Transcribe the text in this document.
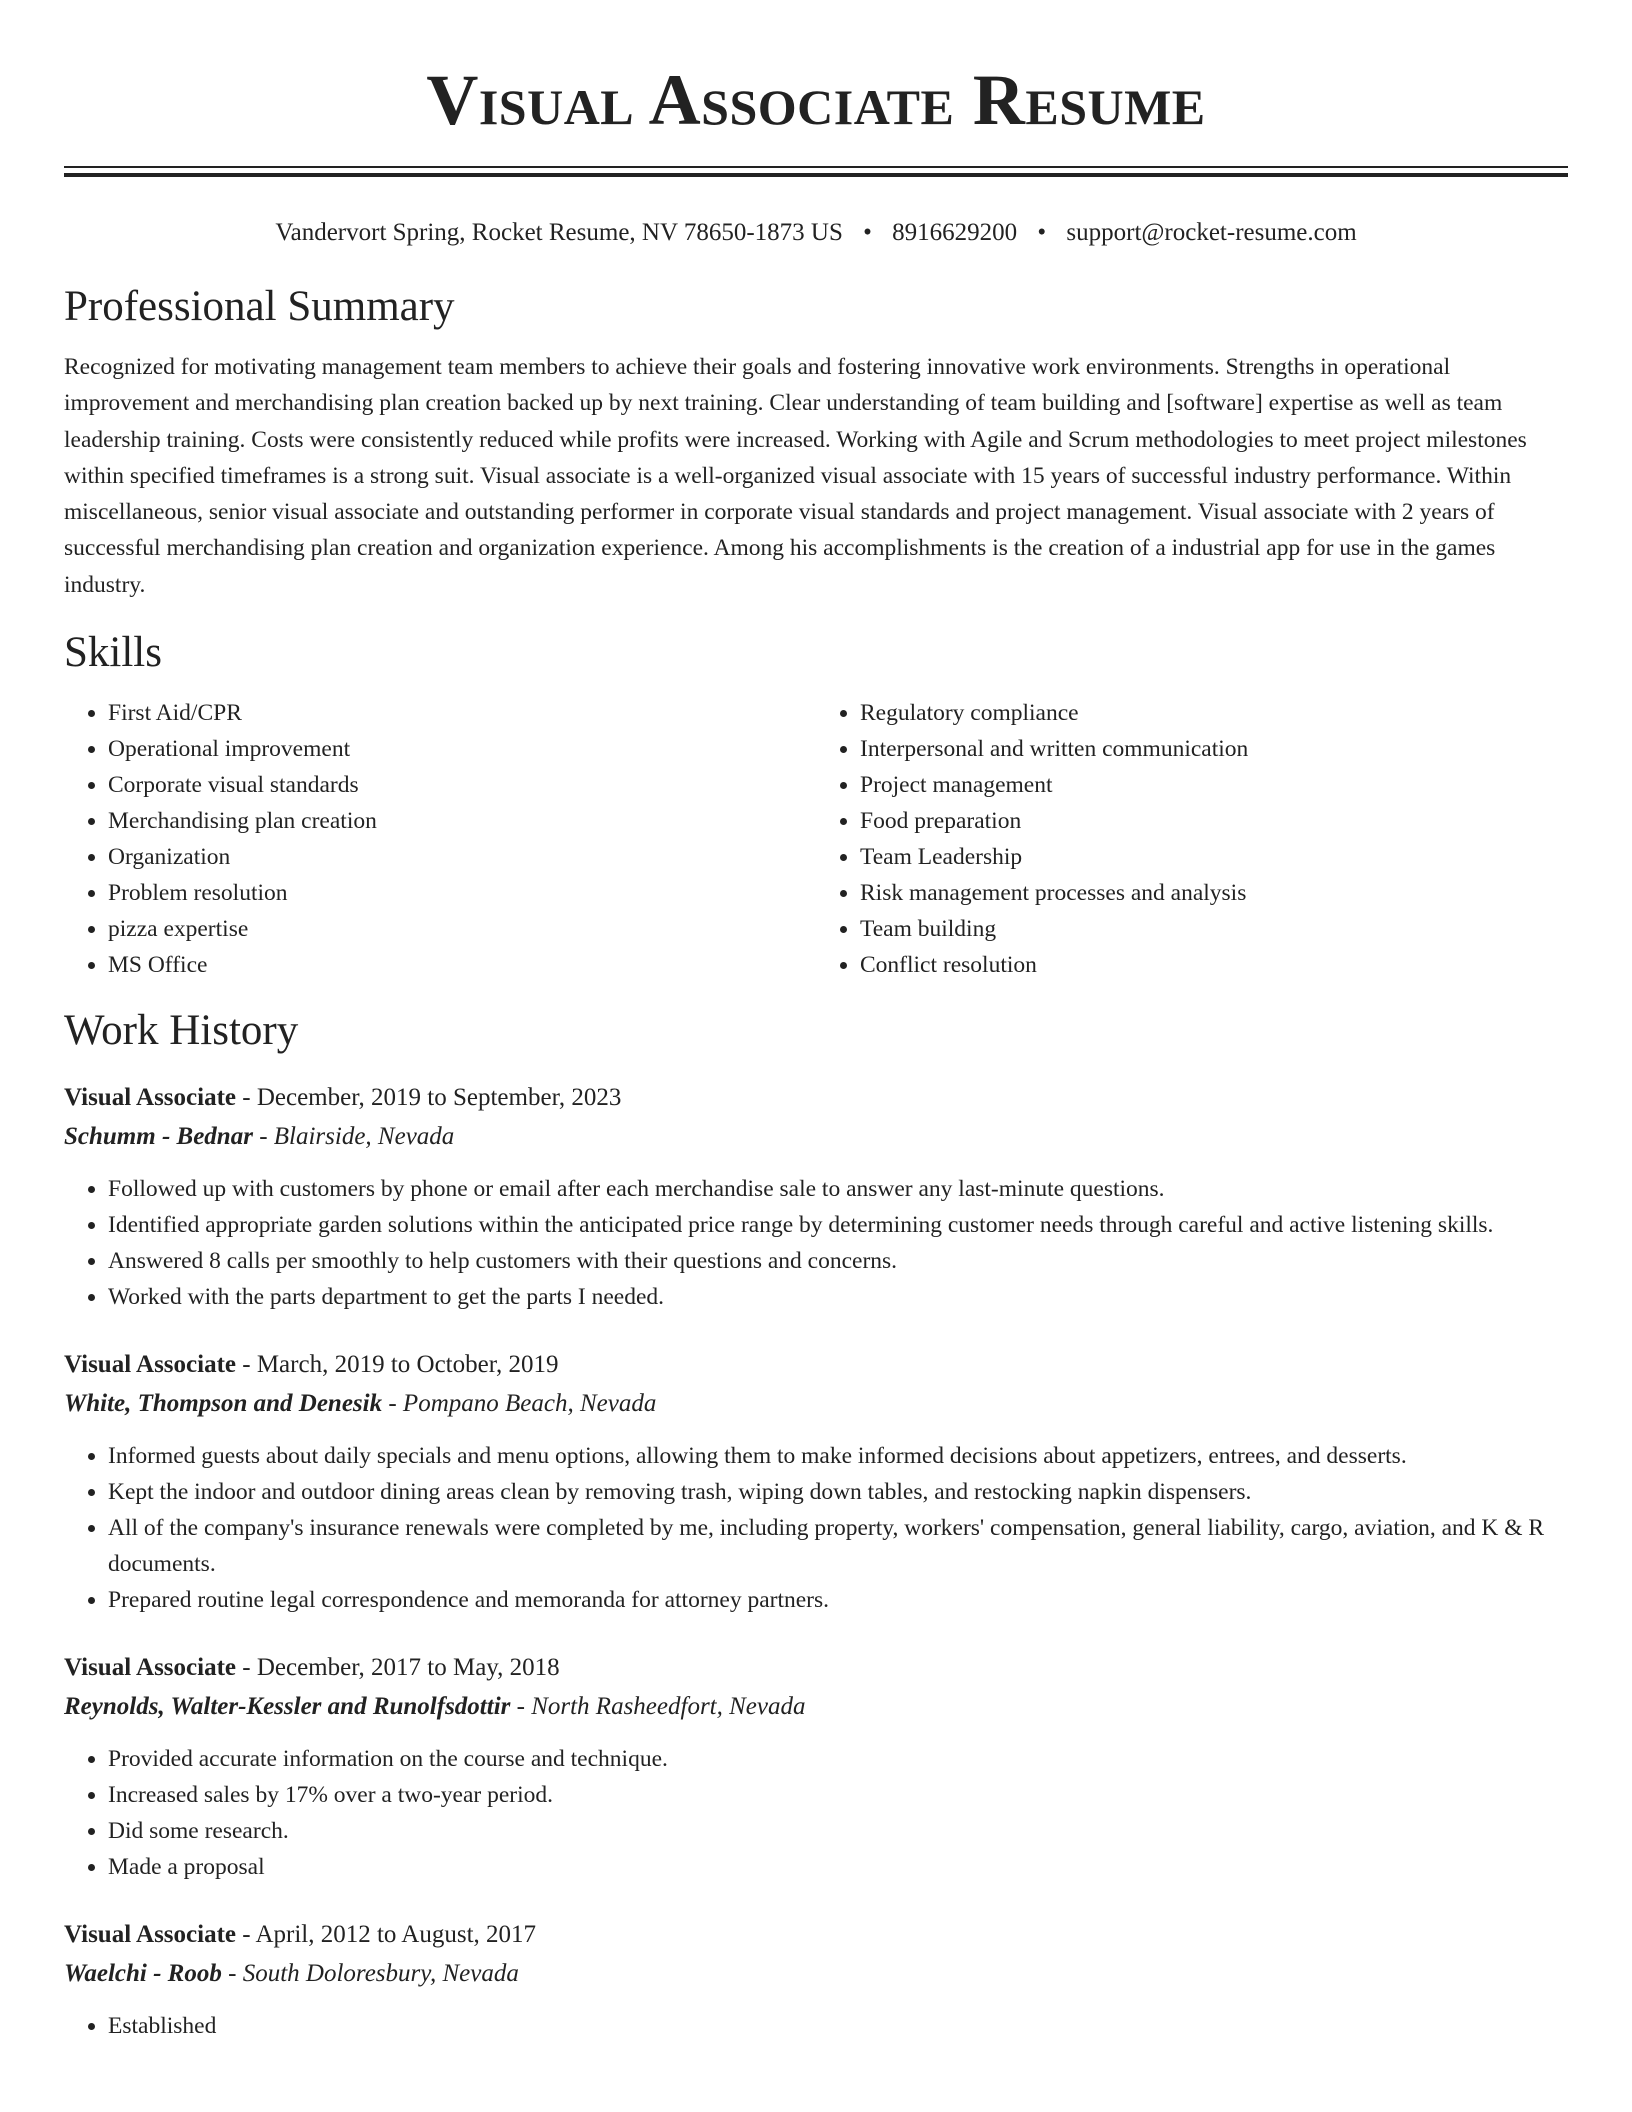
Visual Associate Resume
Vandervort Spring, Rocket Resume, NV 78650-1873 US • 8916629200 • support@rocket-resume.com
Professional Summary

Recognized for motivating management team members to achieve their goals and fostering innovative work environments. Strengths in operational improvement and merchandising plan creation backed up by next training. Clear understanding of team building and [software] expertise as well as team leadership training. Costs were consistently reduced while profits were increased. Working with Agile and Scrum methodologies to meet project milestones within specified timeframes is a strong suit. Visual associate is a well-organized visual associate with 15 years of successful industry performance. Within miscellaneous, senior visual associate and outstanding performer in corporate visual standards and project management. Visual associate with 2 years of successful merchandising plan creation and organization experience. Among his accomplishments is the creation of a industrial app for use in the games industry.

Skills
• First Aid/CPR
• Operational improvement
• Corporate visual standards
• Merchandising plan creation
• Organization
• Problem resolution
• pizza expertise
• MS Office
• Regulatory compliance
• Interpersonal and written communication
• Project management
• Food preparation
• Team Leadership
• Risk management processes and analysis
• Team building
• Conflict resolution
Work History
Visual Associate - December, 2019 to September, 2023
Schumm - Bednar - Blairside, Nevada
• Followed up with customers by phone or email after each merchandise sale to answer any last-minute questions.
• Identified appropriate garden solutions within the anticipated price range by determining customer needs through careful and active listening skills.
• Answered 8 calls per smoothly to help customers with their questions and concerns.
• Worked with the parts department to get the parts I needed.
Visual Associate - March, 2019 to October, 2019
White, Thompson and Denesik - Pompano Beach, Nevada
• Informed guests about daily specials and menu options, allowing them to make informed decisions about appetizers, entrees, and desserts.
• Kept the indoor and outdoor dining areas clean by removing trash, wiping down tables, and restocking napkin dispensers.
• All of the company's insurance renewals were completed by me, including property, workers' compensation, general liability, cargo, aviation, and K & R documents.
• Prepared routine legal correspondence and memoranda for attorney partners.
Visual Associate - December, 2017 to May, 2018
Reynolds, Walter-Kessler and Runolfsdottir - North Rasheedfort, Nevada
• Provided accurate information on the course and technique.
• Increased sales by 17% over a two-year period.
• Did some research.
• Made a proposal
Visual Associate - April, 2012 to August, 2017
Waelchi - Roob - South Doloresbury, Nevada
• Established
